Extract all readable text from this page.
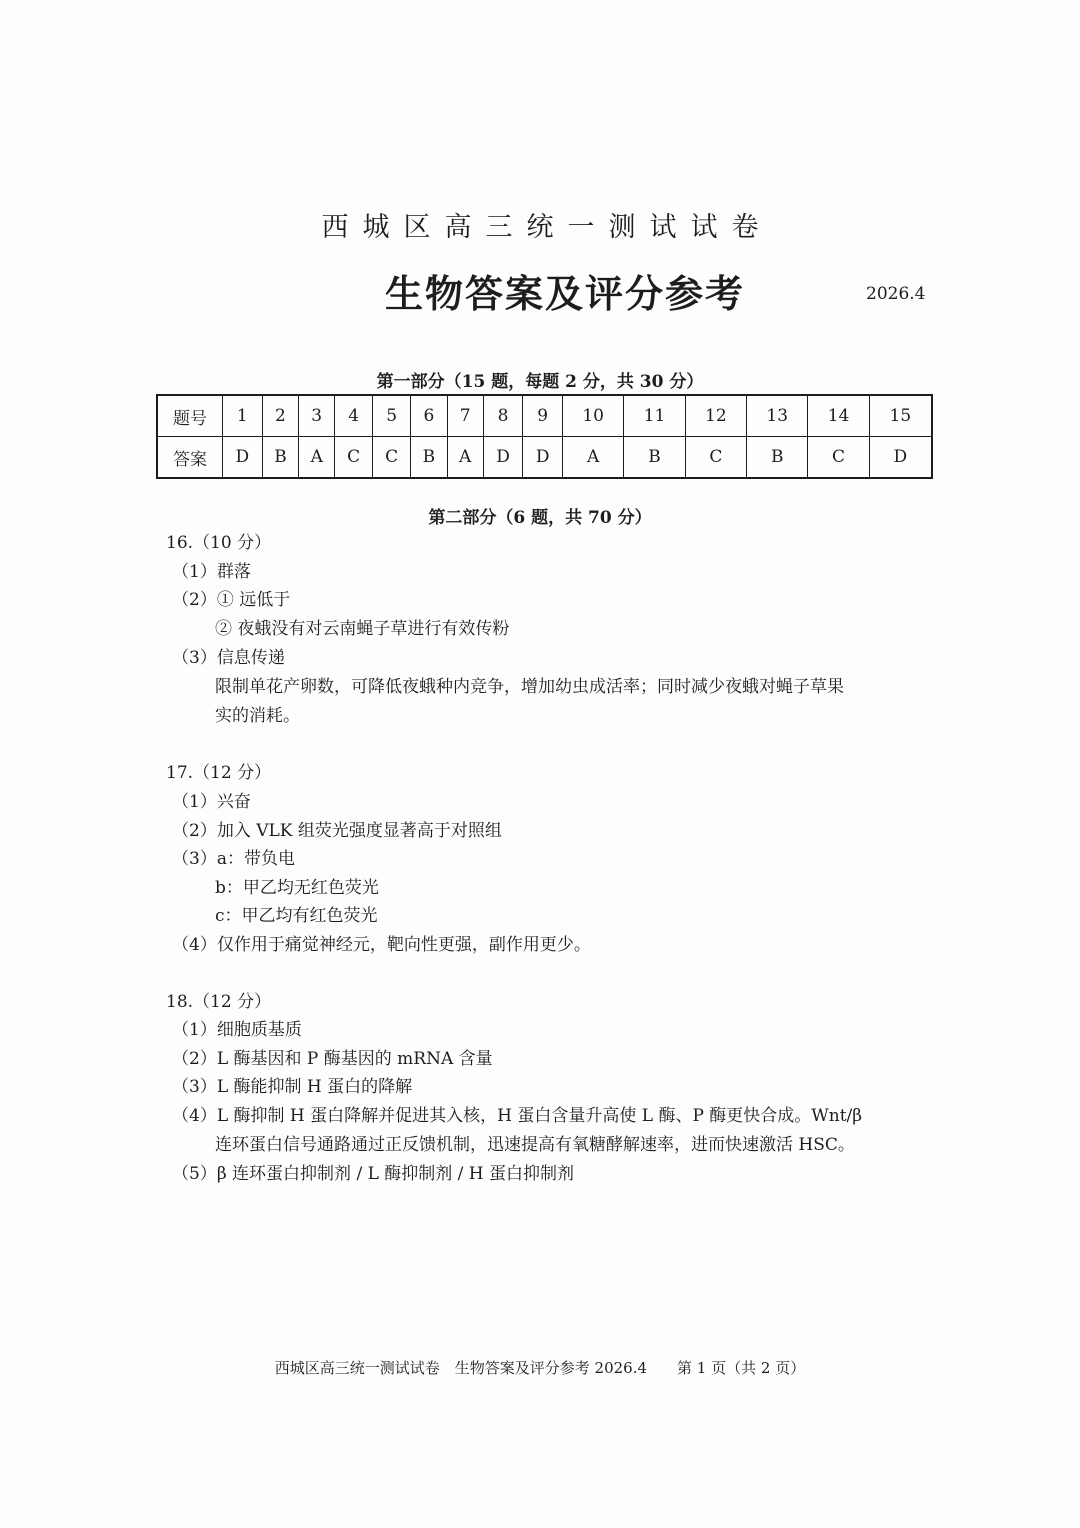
西城区高三统一测试试卷
生物答案及评分参考	2026.4
第一部分（15 题，每题 2 分，共 30 分）
题号	1	2	3	4	5	6	7	8	9	10	11	12	13	14	15
答案	D	B	A	C	C	B	A	D	D	A	B	C	B	C	D
第二部分（6 题，共 70 分）
16.（10 分）
（1）群落
（2）① 远低于
② 夜蛾没有对云南蝇子草进行有效传粉
（3）信息传递
限制单花产卵数，可降低夜蛾种内竞争，增加幼虫成活率；同时减少夜蛾对蝇子草果
实的消耗。
17.（12 分）
（1）兴奋
（2）加入 VLK 组荧光强度显著高于对照组
（3）a：带负电
b：甲乙均无红色荧光
c：甲乙均有红色荧光
（4）仅作用于痛觉神经元，靶向性更强，副作用更少。
18.（12 分）
（1）细胞质基质
（2）L 酶基因和 P 酶基因的 mRNA 含量
（3）L 酶能抑制 H 蛋白的降解
（4）L 酶抑制 H 蛋白降解并促进其入核，H 蛋白含量升高使 L 酶、P 酶更快合成。Wnt/β
连环蛋白信号通路通过正反馈机制，迅速提高有氧糖酵解速率，进而快速激活 HSC。
（5）β 连环蛋白抑制剂 / L 酶抑制剂 / H 蛋白抑制剂
西城区高三统一测试试卷　生物答案及评分参考 2026.4　　第 1 页（共 2 页）
